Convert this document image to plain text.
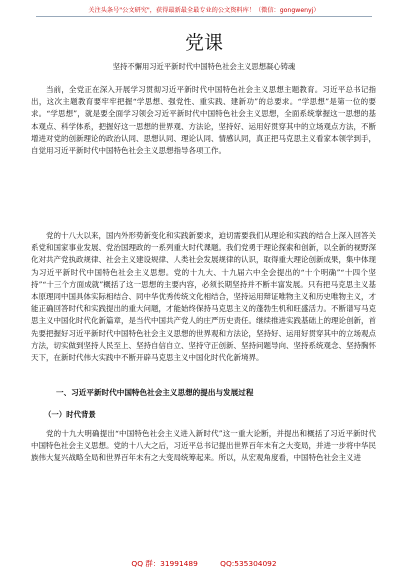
关注头条号"公文研究"，获得最新最全最专业的公文资料库！（微信：gongwenyj）
党课
坚持不懈用习近平新时代中国特色社会主义思想凝心铸魂

当前，全党正在深入开展学习贯彻习近平新时代中国特色社会主义思想主题教育。习近平总书记指出，这次主题教育要牢牢把握“学思想、强党性、重实践、建新功”的总要求。“学思想”是第一位的要求。“学思想”，就是要全面学习领会习近平新时代中国特色社会主义思想，全面系统掌握这一思想的基本观点、科学体系，把握好这一思想的世界观、方法论，坚持好、运用好贯穿其中的立场观点方法，不断增进对党的创新理论的政治认同、思想认同、理论认同、情感认同，真正把马克思主义看家本领学到手，自觉用习近平新时代中国特色社会主义思想指导各项工作。

党的十八大以来，国内外形势新变化和实践新要求，迫切需要我们从理论和实践的结合上深入回答关系党和国家事业发展、党治国理政的一系列重大时代课题。我们党勇于理论探索和创新，以全新的视野深化对共产党执政规律、社会主义建设规律、人类社会发展规律的认识，取得重大理论创新成果，集中体现为习近平新时代中国特色社会主义思想。党的十九大、十九届六中全会提出的“十个明确”“十四个坚持”“十三个方面成就”概括了这一思想的主要内容，必须长期坚持并不断丰富发展。只有把马克思主义基本原理同中国具体实际相结合、同中华优秀传统文化相结合，坚持运用辩证唯物主义和历史唯物主义，才能正确回答时代和实践提出的重大问题，才能始终保持马克思主义的蓬勃生机和旺盛活力。不断谱写马克思主义中国化时代化新篇章，是当代中国共产党人的庄严历史责任。继续推进实践基础上的理论创新，首先要把握好习近平新时代中国特色社会主义思想的世界观和方法论，坚持好、运用好贯穿其中的立场观点方法，切实做到坚持人民至上、坚持自信自立、坚持守正创新、坚持问题导向、坚持系统观念、坚持胸怀天下，在新时代伟大实践中不断开辟马克思主义中国化时代化新境界。

一、习近平新时代中国特色社会主义思想的提出与发展过程
（一）时代背景

党的十九大明确提出“中国特色社会主义进入新时代”这一重大论断，并提出和概括了习近平新时代中国特色社会主义思想。党的十八大之后，习近平总书记提出世界百年未有之大变局，并进一步将中华民族伟大复兴战略全局和世界百年未有之大变局统筹起来。所以，从宏观角度看，中国特色社会主义进

QQ 群：31991489	QQ:535304092
